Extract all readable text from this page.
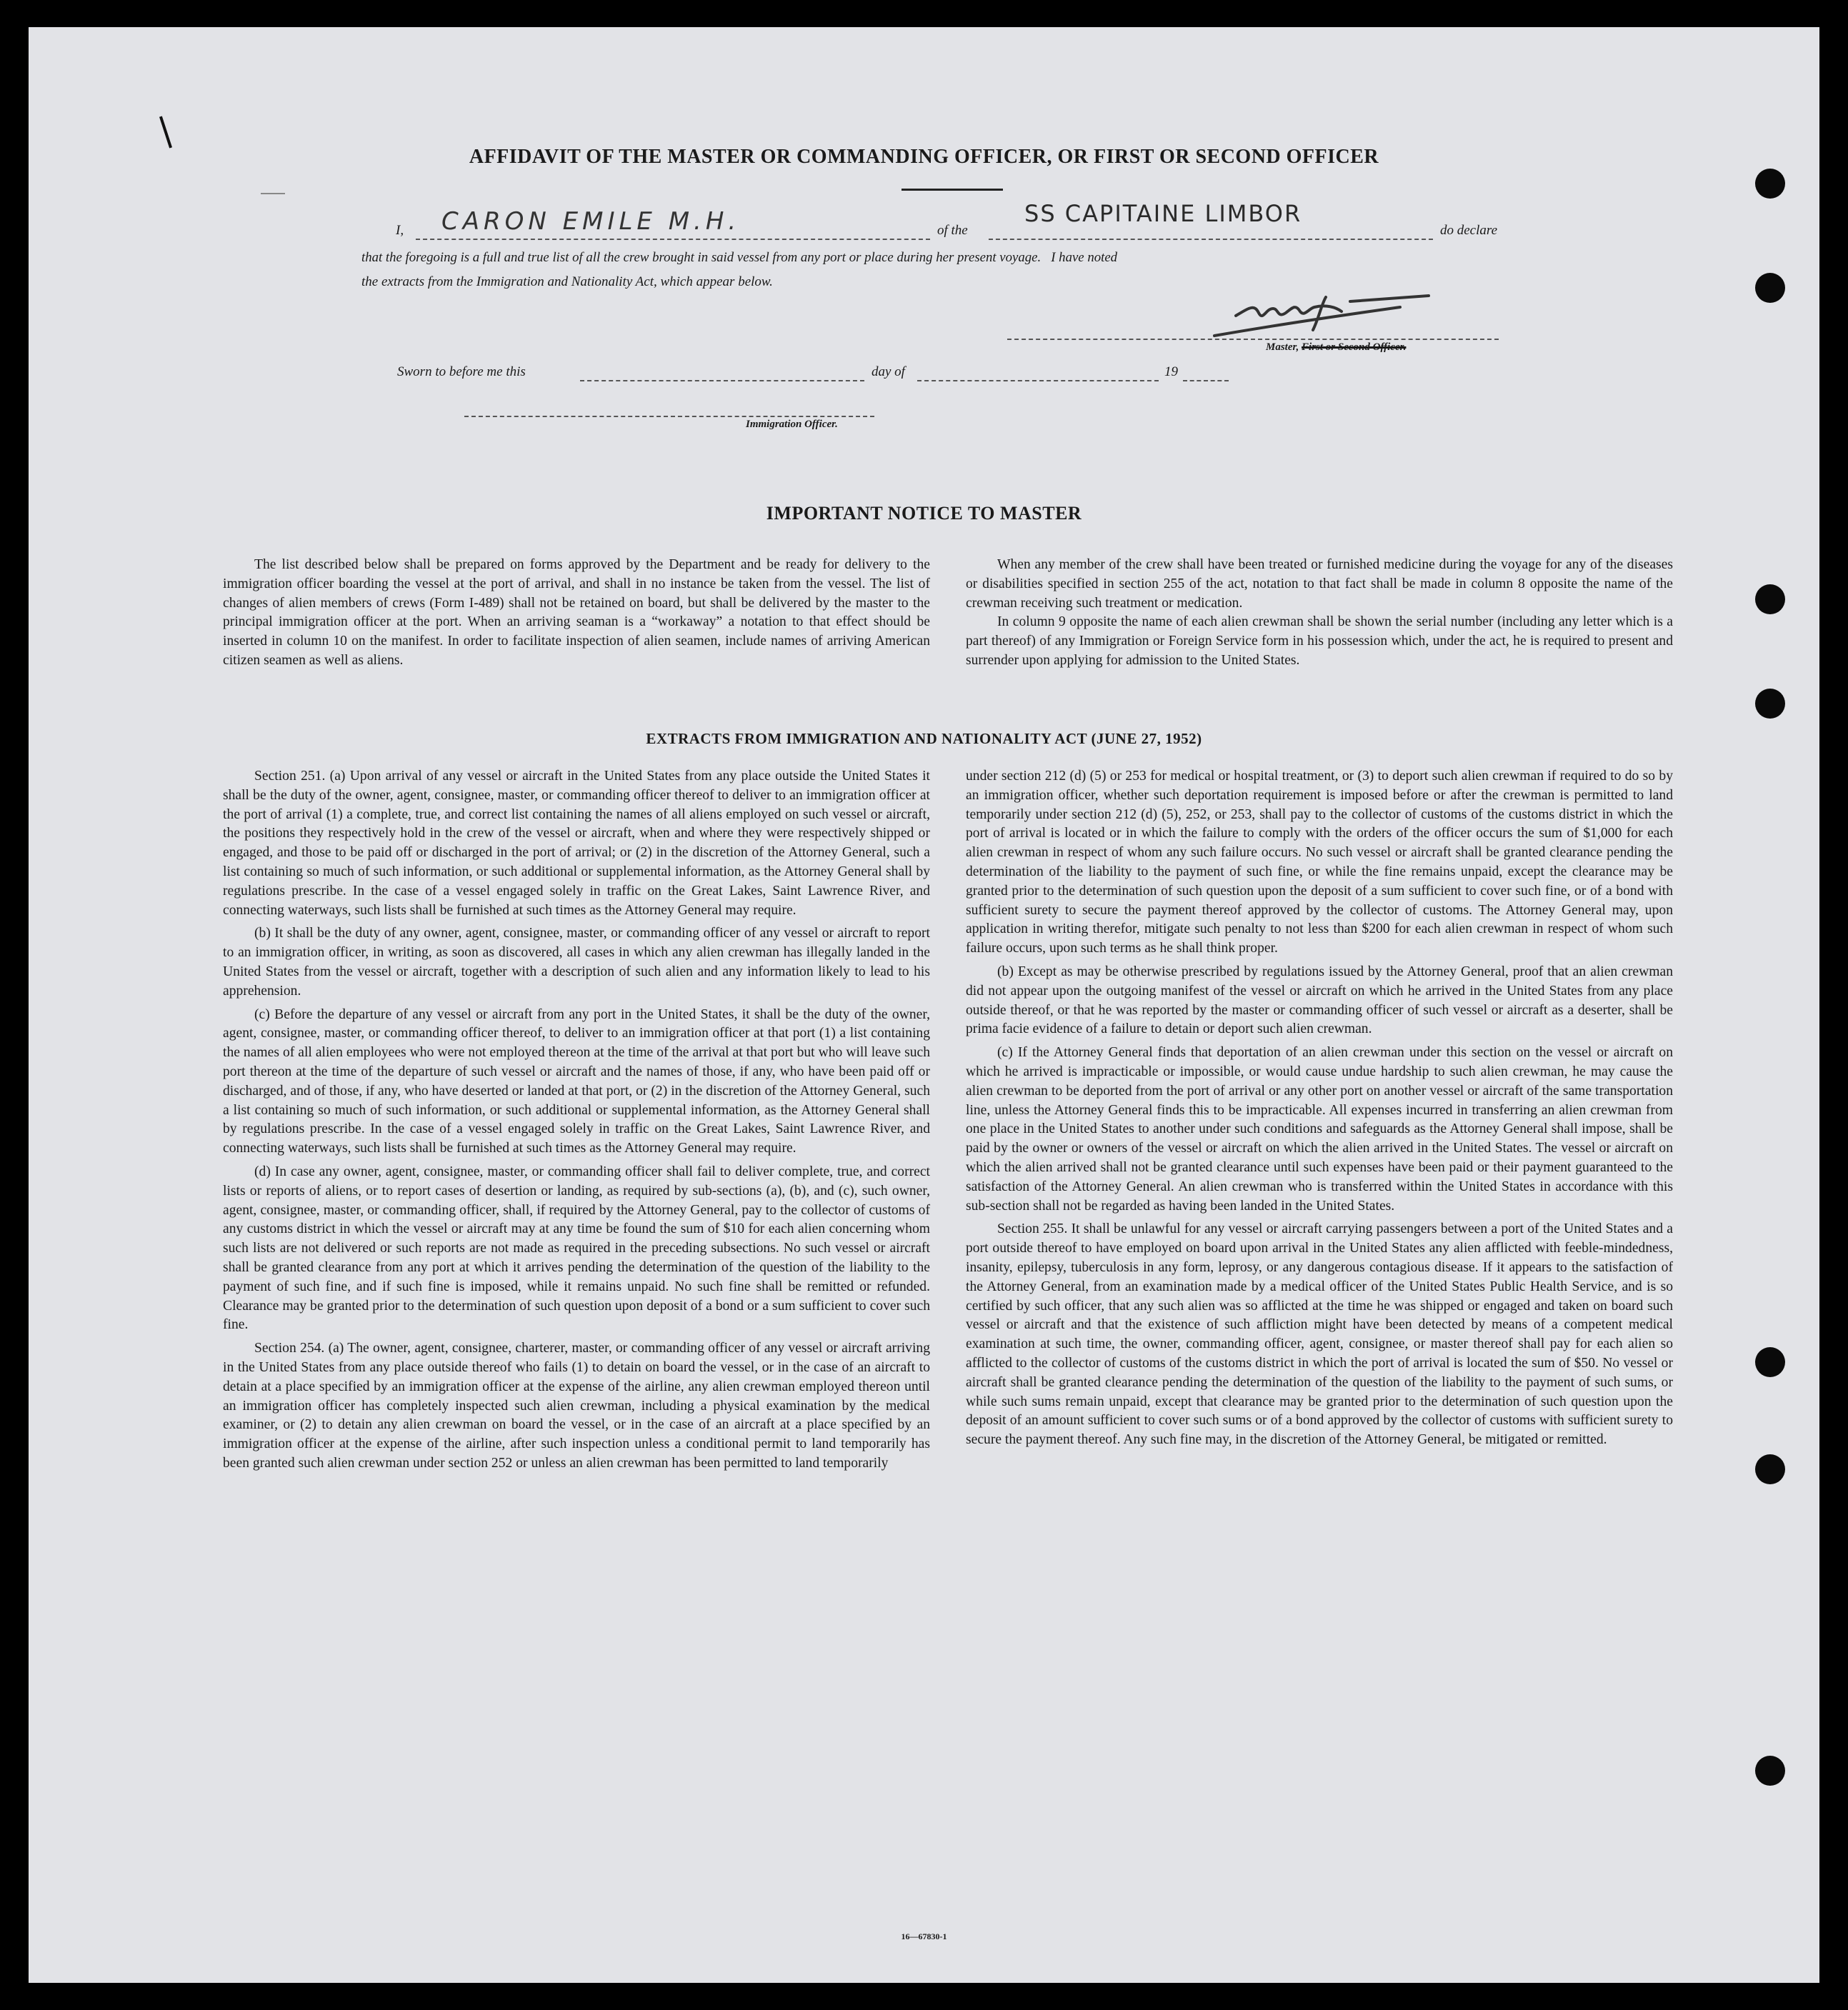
AFFIDAVIT OF THE MASTER OR COMMANDING OFFICER, OR FIRST OR SECOND OFFICER
I, CARON EMILE M.H.	of the
SS CAPITAINE LIMBOR
do declare
that the foregoing is a full and true list of all the crew brought in said vessel from any port or place during her present voyage.   I have noted
the extracts from the Immigration and Nationality Act, which appear below.
Master, First or Second Officer.
Sworn to before me this	day of	19
Immigration Officer.
IMPORTANT NOTICE TO MASTER

The list described below shall be prepared on forms approved by the Department and be ready for delivery to the immigration officer boarding the vessel at the port of arrival, and shall in no instance be taken from the vessel. The list of changes of alien members of crews (Form I-489) shall not be retained on board, but shall be delivered by the master to the principal immigration officer at the port. When an arriving seaman is a “workaway” a notation to that effect should be inserted in column 10 on the manifest. In order to facilitate inspection of alien seamen, include names of arriving American citizen seamen as well as aliens.

When any member of the crew shall have been treated or furnished medicine during the voyage for any of the diseases or disabilities specified in section 255 of the act, notation to that fact shall be made in column 8 opposite the name of the crewman receiving such treatment or medication.

In column 9 opposite the name of each alien crewman shall be shown the serial number (including any letter which is a part thereof) of any Immigration or Foreign Service form in his possession which, under the act, he is required to present and surrender upon applying for admission to the United States.

EXTRACTS FROM IMMIGRATION AND NATIONALITY ACT (JUNE 27, 1952)

Section 251. (a) Upon arrival of any vessel or aircraft in the United States from any place outside the United States it shall be the duty of the owner, agent, consignee, master, or commanding officer thereof to deliver to an immigration officer at the port of arrival (1) a complete, true, and correct list containing the names of all aliens employed on such vessel or aircraft, the positions they respectively hold in the crew of the vessel or aircraft, when and where they were respectively shipped or engaged, and those to be paid off or discharged in the port of arrival; or (2) in the discretion of the Attorney General, such a list containing so much of such information, or such additional or supplemental information, as the Attorney General shall by regulations prescribe. In the case of a vessel engaged solely in traffic on the Great Lakes, Saint Lawrence River, and connecting waterways, such lists shall be furnished at such times as the Attorney General may require.

(b) It shall be the duty of any owner, agent, consignee, master, or commanding officer of any vessel or aircraft to report to an immigration officer, in writing, as soon as discovered, all cases in which any alien crewman has illegally landed in the United States from the vessel or aircraft, together with a description of such alien and any information likely to lead to his apprehension.

(c) Before the departure of any vessel or aircraft from any port in the United States, it shall be the duty of the owner, agent, consignee, master, or commanding officer thereof, to deliver to an immigration officer at that port (1) a list containing the names of all alien employees who were not employed thereon at the time of the arrival at that port but who will leave such port thereon at the time of the departure of such vessel or aircraft and the names of those, if any, who have been paid off or discharged, and of those, if any, who have deserted or landed at that port, or (2) in the discretion of the Attorney General, such a list containing so much of such information, or such additional or supplemental information, as the Attorney General shall by regulations prescribe. In the case of a vessel engaged solely in traffic on the Great Lakes, Saint Lawrence River, and connecting waterways, such lists shall be furnished at such times as the Attorney General may require.

(d) In case any owner, agent, consignee, master, or commanding officer shall fail to deliver complete, true, and correct lists or reports of aliens, or to report cases of desertion or landing, as required by sub-sections (a), (b), and (c), such owner, agent, consignee, master, or commanding officer, shall, if required by the Attorney General, pay to the collector of customs of any customs district in which the vessel or aircraft may at any time be found the sum of $10 for each alien concerning whom such lists are not delivered or such reports are not made as required in the preceding subsections. No such vessel or aircraft shall be granted clearance from any port at which it arrives pending the determination of the question of the liability to the payment of such fine, and if such fine is imposed, while it remains unpaid. No such fine shall be remitted or refunded. Clearance may be granted prior to the determination of such question upon deposit of a bond or a sum sufficient to cover such fine.

Section 254. (a) The owner, agent, consignee, charterer, master, or commanding officer of any vessel or aircraft arriving in the United States from any place outside thereof who fails (1) to detain on board the vessel, or in the case of an aircraft to detain at a place specified by an immigration officer at the expense of the airline, any alien crewman employed thereon until an immigration officer has completely inspected such alien crewman, including a physical examination by the medical examiner, or (2) to detain any alien crewman on board the vessel, or in the case of an aircraft at a place specified by an immigration officer at the expense of the airline, after such inspection unless a conditional permit to land temporarily has been granted such alien crewman under section 252 or unless an alien crewman has been permitted to land temporarily

under section 212 (d) (5) or 253 for medical or hospital treatment, or (3) to deport such alien crewman if required to do so by an immigration officer, whether such deportation requirement is imposed before or after the crewman is permitted to land temporarily under section 212 (d) (5), 252, or 253, shall pay to the collector of customs of the customs district in which the port of arrival is located or in which the failure to comply with the orders of the officer occurs the sum of $1,000 for each alien crewman in respect of whom any such failure occurs. No such vessel or aircraft shall be granted clearance pending the determination of the liability to the payment of such fine, or while the fine remains unpaid, except the clearance may be granted prior to the determination of such question upon the deposit of a sum sufficient to cover such fine, or of a bond with sufficient surety to secure the payment thereof approved by the collector of customs. The Attorney General may, upon application in writing therefor, mitigate such penalty to not less than $200 for each alien crewman in respect of whom such failure occurs, upon such terms as he shall think proper.

(b) Except as may be otherwise prescribed by regulations issued by the Attorney General, proof that an alien crewman did not appear upon the outgoing manifest of the vessel or aircraft on which he arrived in the United States from any place outside thereof, or that he was reported by the master or commanding officer of such vessel or aircraft as a deserter, shall be prima facie evidence of a failure to detain or deport such alien crewman.

(c) If the Attorney General finds that deportation of an alien crewman under this section on the vessel or aircraft on which he arrived is impracticable or impossible, or would cause undue hardship to such alien crewman, he may cause the alien crewman to be deported from the port of arrival or any other port on another vessel or aircraft of the same transportation line, unless the Attorney General finds this to be impracticable. All expenses incurred in transferring an alien crewman from one place in the United States to another under such conditions and safeguards as the Attorney General shall impose, shall be paid by the owner or owners of the vessel or aircraft on which the alien arrived in the United States. The vessel or aircraft on which the alien arrived shall not be granted clearance until such expenses have been paid or their payment guaranteed to the satisfaction of the Attorney General. An alien crewman who is transferred within the United States in accordance with this sub-section shall not be regarded as having been landed in the United States.

Section 255. It shall be unlawful for any vessel or aircraft carrying passengers between a port of the United States and a port outside thereof to have employed on board upon arrival in the United States any alien afflicted with feeble-mindedness, insanity, epilepsy, tuberculosis in any form, leprosy, or any dangerous contagious disease. If it appears to the satisfaction of the Attorney General, from an examination made by a medical officer of the United States Public Health Service, and is so certified by such officer, that any such alien was so afflicted at the time he was shipped or engaged and taken on board such vessel or aircraft and that the existence of such affliction might have been detected by means of a competent medical examination at such time, the owner, commanding officer, agent, consignee, or master thereof shall pay for each alien so afflicted to the collector of customs of the customs district in which the port of arrival is located the sum of $50. No vessel or aircraft shall be granted clearance pending the determination of the question of the liability to the payment of such sums, or while such sums remain unpaid, except that clearance may be granted prior to the determination of such question upon the deposit of an amount sufficient to cover such sums or of a bond approved by the collector of customs with sufficient surety to secure the payment thereof. Any such fine may, in the discretion of the Attorney General, be mitigated or remitted.

16—67830-1
